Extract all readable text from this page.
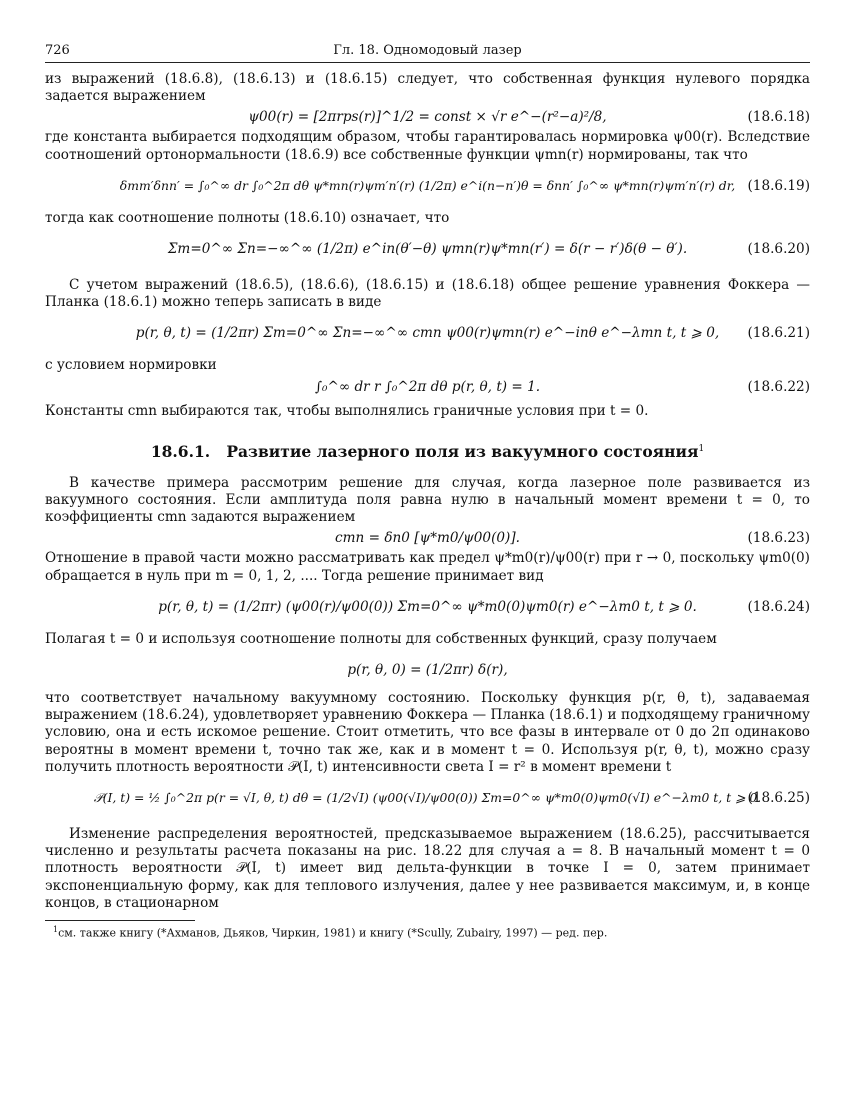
726	Гл. 18. Одномодовый лазер

из выражений (18.6.8), (18.6.13) и (18.6.15) следует, что собственная функция нулевого порядка задается выражением

ψ00(r) = [2πrps(r)]^1/2 = const × √r e^−(r²−a)²/8,	(18.6.18)

где константа выбирается подходящим образом, чтобы гарантировалась нормировка ψ00(r). Вследствие соотношений ортонормальности (18.6.9) все собственные функции ψmn(r) нормированы, так что

δmm′δnn′ = ∫₀^∞ dr ∫₀^2π dθ ψ*mn(r)ψm′n′(r) (1/2π) e^i(n−n′)θ = δnn′ ∫₀^∞ ψ*mn(r)ψm′n′(r) dr, (18.6.19)

тогда как соотношение полноты (18.6.10) означает, что

Σm=0^∞ Σn=−∞^∞ (1/2π) e^in(θ′−θ) ψmn(r)ψ*mn(r′) = δ(r − r′)δ(θ − θ′).	(18.6.20)

С учетом выражений (18.6.5), (18.6.6), (18.6.15) и (18.6.18) общее решение уравнения Фоккера — Планка (18.6.1) можно теперь записать в виде

p(r, θ, t) = (1/2πr) Σm=0^∞ Σn=−∞^∞ cmn ψ00(r)ψmn(r) e^−inθ e^−λmn t, t ⩾ 0,	(18.6.21)

с условием нормировки

∫₀^∞ dr r ∫₀^2π dθ p(r, θ, t) = 1.	(18.6.22)

Константы cmn выбираются так, чтобы выполнялись граничные условия при t = 0.

18.6.1. Развитие лазерного поля из вакуумного состояния$^1$

В качестве примера рассмотрим решение для случая, когда лазерное поле развивается из вакуумного состояния. Если амплитуда поля равна нулю в начальный момент времени t = 0, то коэффициенты cmn задаются выражением

cmn = δn0 [ψ*m0/ψ00(0)].	(18.6.23)

Отношение в правой части можно рассматривать как предел ψ*m0(r)/ψ00(r) при r → 0, поскольку ψm0(0) обращается в нуль при m = 0, 1, 2, .... Тогда решение принимает вид

p(r, θ, t) = (1/2πr) (ψ00(r)/ψ00(0)) Σm=0^∞ ψ*m0(0)ψm0(r) e^−λm0 t, t ⩾ 0.	(18.6.24)

Полагая t = 0 и используя соотношение полноты для собственных функций, сразу получаем

p(r, θ, 0) = (1/2πr) δ(r),

что соответствует начальному вакуумному состоянию. Поскольку функция p(r, θ, t), задаваемая выражением (18.6.24), удовлетворяет уравнению Фоккера — Планка (18.6.1) и подходящему граничному условию, она и есть искомое решение. Стоит отметить, что все фазы в интервале от 0 до 2π одинаково вероятны в момент времени t, точно так же, как и в момент t = 0. Используя p(r, θ, t), можно сразу получить плотность вероятности 𝒫(I, t) интенсивности света I = r² в момент времени t

𝒫(I, t) = ½ ∫₀^2π p(r = √I, θ, t) dθ = (1/2√I) (ψ00(√I)/ψ00(0)) Σm=0^∞ ψ*m0(0)ψm0(√I) e^−λm0 t, t ⩾ 0.
(18.6.25)

Изменение распределения вероятностей, предсказываемое выражением (18.6.25), рассчитывается численно и результаты расчета показаны на рис. 18.22 для случая a = 8. В начальный момент t = 0 плотность вероятности 𝒫(I, t) имеет вид дельта-функции в точке I = 0, затем принимает экспоненциальную форму, как для теплового излучения, далее у нее развивается максимум, и, в конце концов, в стационарном

$^1$см. также книгу (*Ахманов, Дьяков, Чиркин, 1981) и книгу (*Scully, Zubairy, 1997) — ред. пер.
